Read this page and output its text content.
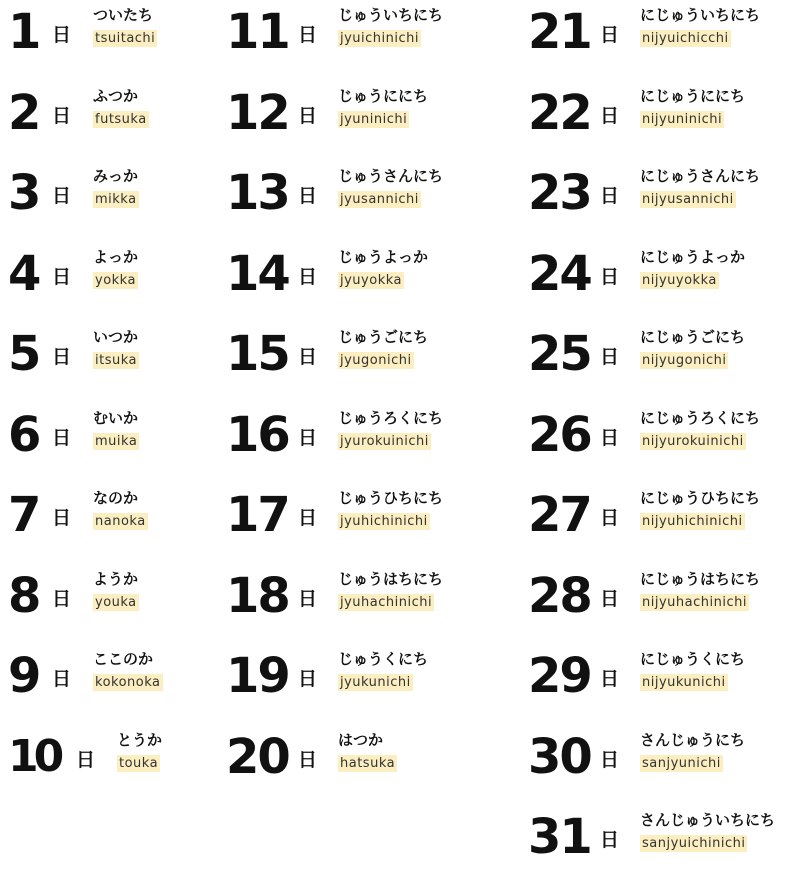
1 日
ついたち
tsuitachi
2 日
ふつか
futsuka
3 日
みっか
mikka
4 日
よっか
yokka
5 日
いつか
itsuka
6 日
むいか
muika
7 日
なのか
nanoka
8 日
ようか
youka
9 日
ここのか
kokonoka
10 日
とうか
touka
11 日
じゅういちにち
jyuichinichi
12 日
じゅうににち
jyuninichi
13 日
じゅうさんにち
jyusannichi
14 日
じゅうよっか
jyuyokka
15 日
じゅうごにち
jyugonichi
16 日
じゅうろくにち
jyurokuinichi
17 日
じゅうひちにち
jyuhichinichi
18 日
じゅうはちにち
jyuhachinichi
19 日
じゅうくにち
jyukunichi
20 日
はつか
hatsuka
21 日
にじゅういちにち
nijyuichicchi
22 日
にじゅうににち
nijyuninichi
23 日
にじゅうさんにち
nijyusannichi
24 日
にじゅうよっか
nijyuyokka
25 日
にじゅうごにち
nijyugonichi
26 日
にじゅうろくにち
nijyurokuinichi
27 日
にじゅうひちにち
nijyuhichinichi
28 日
にじゅうはちにち
nijyuhachinichi
29 日
にじゅうくにち
nijyukunichi
30 日
さんじゅうにち
sanjyunichi
31 日
さんじゅういちにち
sanjyuichinichi
